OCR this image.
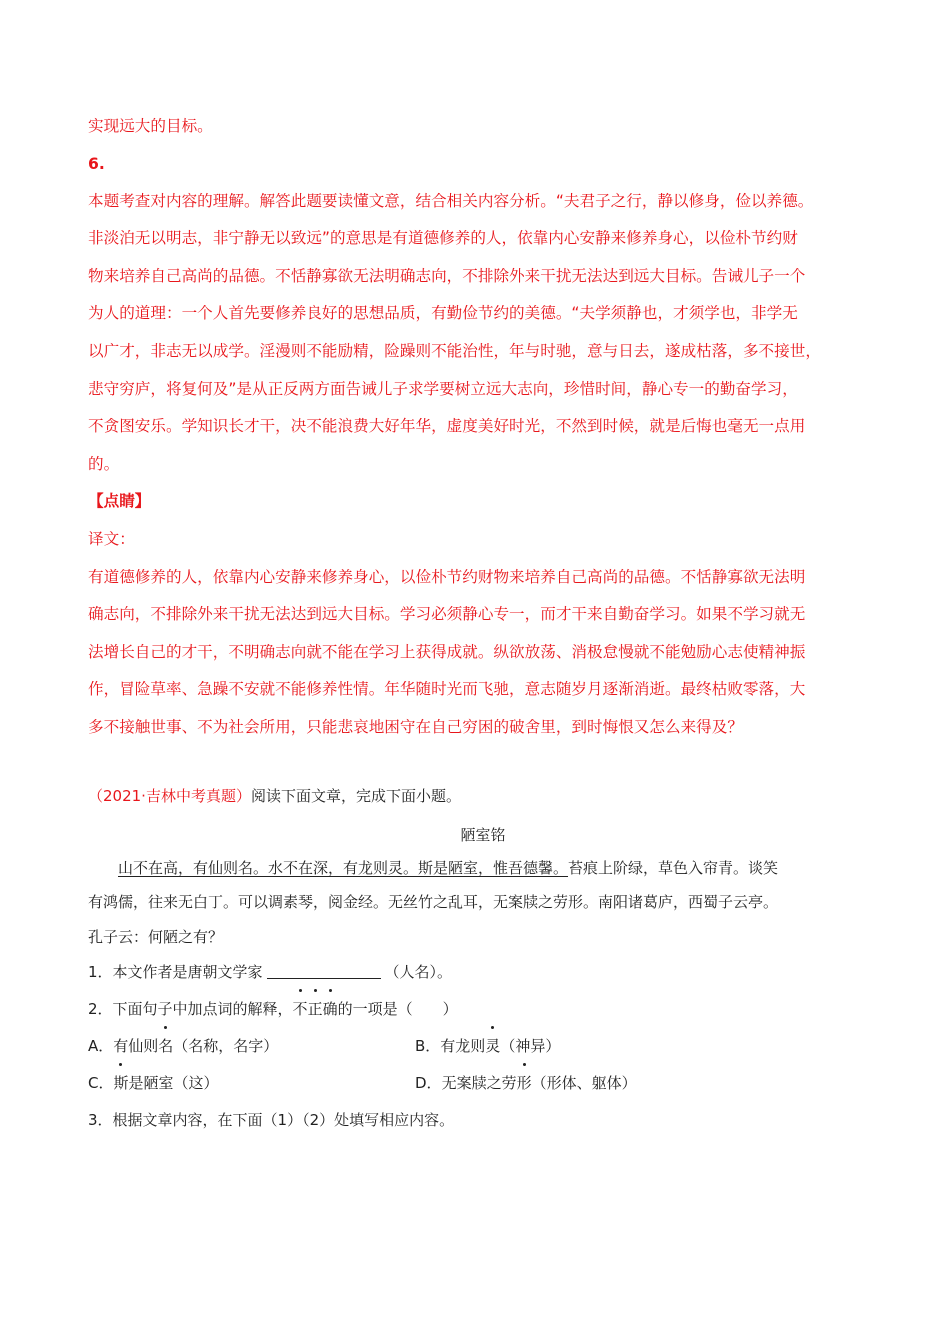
实现远大的目标。

6.

本题考查对内容的理解。解答此题要读懂文意，结合相关内容分析。“夫君子之行，静以修身，俭以养德。

非淡泊无以明志，非宁静无以致远”的意思是有道德修养的人，依靠内心安静来修养身心，以俭朴节约财

物来培养自己高尚的品德。不恬静寡欲无法明确志向，不排除外来干扰无法达到远大目标。告诫儿子一个

为人的道理：一个人首先要修养良好的思想品质，有勤俭节约的美德。“夫学须静也，才须学也，非学无

以广才，非志无以成学。淫漫则不能励精，险躁则不能治性，年与时驰，意与日去，遂成枯落，多不接世，

悲守穷庐，将复何及”是从正反两方面告诫儿子求学要树立远大志向，珍惜时间，静心专一的勤奋学习，

不贪图安乐。学知识长才干，决不能浪费大好年华，虚度美好时光，不然到时候，就是后悔也毫无一点用

的。

【点睛】

译文：

有道德修养的人，依靠内心安静来修养身心，以俭朴节约财物来培养自己高尚的品德。不恬静寡欲无法明

确志向，不排除外来干扰无法达到远大目标。学习必须静心专一，而才干来自勤奋学习。如果不学习就无

法增长自己的才干，不明确志向就不能在学习上获得成就。纵欲放荡、消极怠慢就不能勉励心志使精神振

作，冒险草率、急躁不安就不能修养性情。年华随时光而飞驰，意志随岁月逐渐消逝。最终枯败零落，大

多不接触世事、不为社会所用，只能悲哀地困守在自己穷困的破舍里，到时悔恨又怎么来得及？

（2021·吉林中考真题）阅读下面文章，完成下面小题。

陋室铭

山不在高，有仙则名。水不在深，有龙则灵。斯是陋室，惟吾德馨。苔痕上阶绿，草色入帘青。谈笑

有鸿儒，往来无白丁。可以调素琴，阅金经。无丝竹之乱耳，无案牍之劳形。南阳诸葛庐，西蜀子云亭。

孔子云：何陋之有？

1．本文作者是唐朝文学家	（人名）。

2．下面句子中加点词的解释，不正确的一项是（　　）

A．有仙则名（名称，名字）	B．有龙则灵（神异）
C．斯是陋室（这）	D．无案牍之劳形（形体、躯体）

3．根据文章内容，在下面（1）（2）处填写相应内容。
